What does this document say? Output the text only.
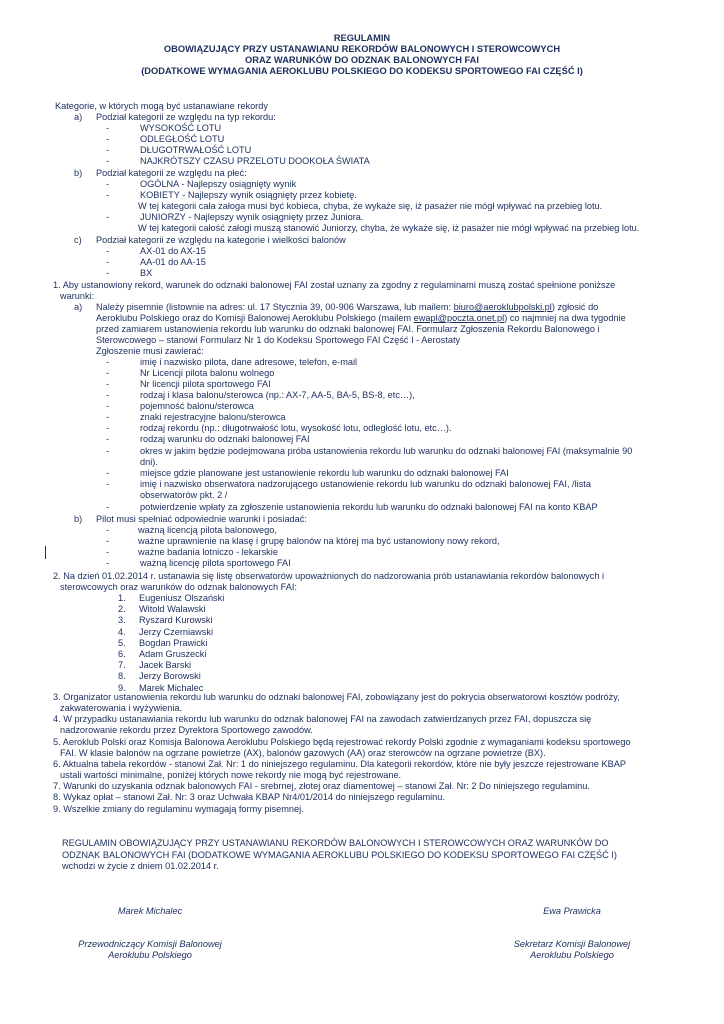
REGULAMIN
OBOWIĄZUJĄCY PRZY USTANAWIANU REKORDÓW BALONOWYCH I STEROWCOWYCH
ORAZ WARUNKÓW DO ODZNAK BALONOWYCH FAI
(DODATKOWE WYMAGANIA AEROKLUBU POLSKIEGO DO KODEKSU SPORTOWEGO FAI CZĘŚĆ I)
Kategorie, w których mogą być ustanawiane rekordy
a) Podział kategorii ze względu na typ rekordu:
-	WYSOKOŚĆ LOTU
-	ODLEGŁOŚĆ LOTU
-	DŁUGOTRWAŁOŚĆ LOTU
-	NAJKRÓTSZY CZASU PRZELOTU DOOKOŁA ŚWIATA
b) Podział kategorii ze względu na płeć:
-	OGÓLNA - Najlepszy osiągnięty wynik
-	KOBIETY - Najlepszy wynik osiągnięty przez kobietę.
W tej kategorii cała załoga musi być kobieca, chyba, że wykaże się, iż pasażer nie mógł wpływać na przebieg lotu.
-	JUNIORZY - Najlepszy wynik osiągnięty przez Juniora.
W tej kategorii całość załogi muszą stanowić Juniorzy, chyba, że wykaże się, iż pasażer nie mógł wpływać na przebieg lotu.
c) Podział kategorii ze względu na kategorie i wielkości balonów
-	AX-01 do AX-15
-	AA-01 do AA-15
-	BX
1. Aby ustanowiony rekord, warunek do odznaki balonowej FAI został uznany za zgodny z regulaminami muszą zostać spełnione poniższe
warunki:
a) Należy pisemnie (listownie na adres: ul. 17 Stycznia 39, 00-906 Warszawa, lub mailem: biuro@aeroklubpolski.pl) zgłosić do
Aeroklubu Polskiego oraz do Komisji Balonowej Aeroklubu Polskiego (mailem ewapl@poczta.onet.pl) co najmniej na dwa tygodnie
przed zamiarem ustanowienia rekordu lub warunku do odznaki balonowej FAI. Formularz Zgłoszenia Rekordu Balonowego i
Sterowcowego – stanowi Formularz Nr 1 do Kodeksu Sportowego FAI Część I - Aerostaty
Zgłoszenie musi zawierać:
-	imię i nazwisko pilota, dane adresowe, telefon, e-mail
-	Nr Licencji pilota balonu wolnego
-	Nr licencji pilota sportowego FAI
-	rodzaj i klasa balonu/sterowca (np.: AX-7, AA-5, BA-5, BS-8, etc…),
-	pojemność balonu/sterowca
-	znaki rejestracyjne balonu/sterowca
-	rodzaj rekordu (np.: długotrwałość lotu, wysokość lotu, odległość lotu, etc…).
-	rodzaj warunku do odznaki balonowej FAI
-	okres w jakim będzie podejmowana próba ustanowienia rekordu lub warunku do odznaki balonowej FAI (maksymalnie 90
dni).
-	miejsce gdzie planowane jest ustanowienie rekordu lub warunku do odznaki balonowej FAI
-	imię i nazwisko obserwatora nadzorującego ustanowienie rekordu lub warunku do odznaki balonowej FAI, /lista
obserwatorów pkt. 2 /
-	potwierdzenie wpłaty za zgłoszenie ustanowienia rekordu lub warunku do odznaki balonowej FAI na konto KBAP
b) Pilot musi spełniać odpowiednie warunki i posiadać:
-	ważną licencją pilota balonowego,
-	ważne uprawnienie na klasę i grupę balonów na której ma być ustanowiony nowy rekord,
-	ważne badania lotniczo - lekarskie
-	ważną licencję pilota sportowego FAI
2. Na dzień 01.02.2014 r. ustanawia się listę obserwatorów upoważnionych do nadzorowania prób ustanawiania rekordów balonowych i
sterowcowych oraz warunków do odznak balonowych FAI:
1. Eugeniusz Olszański
2. Witold Walawski
3. Ryszard Kurowski
4. Jerzy Czerniawski
5. Bogdan Prawicki
6. Adam Gruszecki
7. Jacek Barski
8. Jerzy Borowski
9. Marek Michalec
3. Organizator ustanowienia rekordu lub warunku do odznaki balonowej FAI, zobowiązany jest do pokrycia obserwatorowi kosztów podróży,
zakwaterowania i wyżywienia.
4. W przypadku ustanawiania rekordu lub warunku do odznak balonowej FAI na zawodach zatwierdzanych przez FAI, dopuszcza się
nadzorowanie rekordu przez Dyrektora Sportowego zawodów.
5. Aeroklub Polski oraz Komisja Balonowa Aeroklubu Polskiego będą rejestrować rekordy Polski zgodnie z wymaganiami kodeksu sportowego
FAI. W klasie balonów na ogrzane powietrze (AX), balonów gazowych (AA) oraz sterowców na ogrzane powietrze (BX).
6. Aktualna tabela rekordów - stanowi Zał. Nr: 1 do niniejszego regulaminu. Dla kategorii rekordów, które nie były jeszcze rejestrowane KBAP
ustali wartości minimalne, poniżej których nowe rekordy nie mogą być rejestrowane.
7. Warunki do uzyskania odznak balonowych FAI - srebrnej, złotej oraz diamentowej – stanowi Zał. Nr: 2 Do niniejszego regulaminu.
8. Wykaz opłat – stanowi Zał. Nr: 3 oraz Uchwała KBAP Nr4/01/2014 do niniejszego regulaminu.
9. Wszelkie zmiany do regulaminu wymagają formy pisemnej.
REGULAMIN OBOWIĄZUJĄCY PRZY USTANAWIANU REKORDÓW BALONOWYCH I STEROWCOWYCH ORAZ WARUNKÓW DO
ODZNAK BALONOWYCH FAI (DODATKOWE WYMAGANIA AEROKLUBU POLSKIEGO DO KODEKSU SPORTOWEGO FAI CZĘŚĆ I)
wchodzi w życie z dniem 01.02.2014 r.
Marek Michalec
Przewodniczący Komisji Balonowej
Aeroklubu Polskiego
Ewa Prawicka
Sekretarz Komisji Balonowej
Aeroklubu Polskiego
